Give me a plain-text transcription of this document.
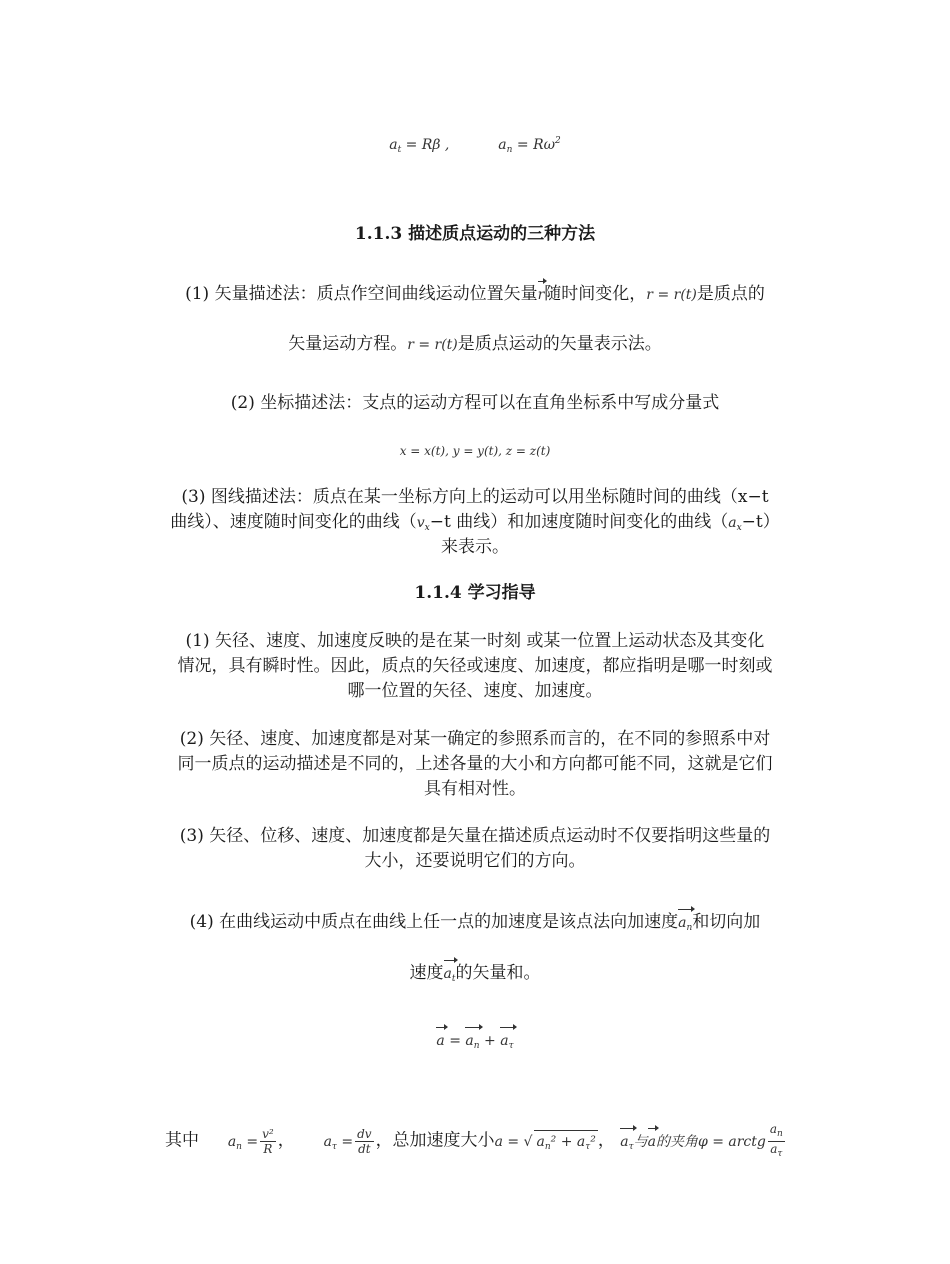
$a_t = R\beta$ ,	$a_n = R\omega^2$
1.1.3 描述质点运动的三种方法
(1) 矢量描述法：质点作空间曲线运动位置矢量r随时间变化，r = r(t)是质点的
矢量运动方程。r = r(t)是质点运动的矢量表示法。
(2) 坐标描述法：支点的运动方程可以在直角坐标系中写成分量式
x = x(t), y = y(t), z = z(t)
(3) 图线描述法：质点在某一坐标方向上的运动可以用坐标随时间的曲线（x−t
曲线）、速度随时间变化的曲线（$v_x-t$ 曲线）和加速度随时间变化的曲线$(a_x-t)$
来表示。
1.1.4 学习指导
(1) 矢径、速度、加速度反映的是在某一时刻 或某一位置上运动状态及其变化
情况，具有瞬时性。因此，质点的矢径或速度、加速度，都应指明是哪一时刻或
哪一位置的矢径、速度、加速度。
(2) 矢径、速度、加速度都是对某一确定的参照系而言的，在不同的参照系中对
同一质点的运动描述是不同的，上述各量的大小和方向都可能不同，这就是它们
具有相对性。
(3) 矢径、位移、速度、加速度都是矢量在描述质点运动时不仅要指明这些量的
大小，还要说明它们的方向。
(4) 在曲线运动中质点在曲线上任一点的加速度是该点法向加速度$a_n$和切向加
速度$a_t$的矢量和。
$a = a_n + a_\tau$
其中 $a_n = \frac{\text{v²}}{R}$ ， $a_\tau = \frac{dv}{dt}$ ，总加速度大小a = √ $a_n^2 + a_\tau^2$ ， $a_\tau$与a的夹角φ = arctg $\frac{a_n}{a_\tau}$
